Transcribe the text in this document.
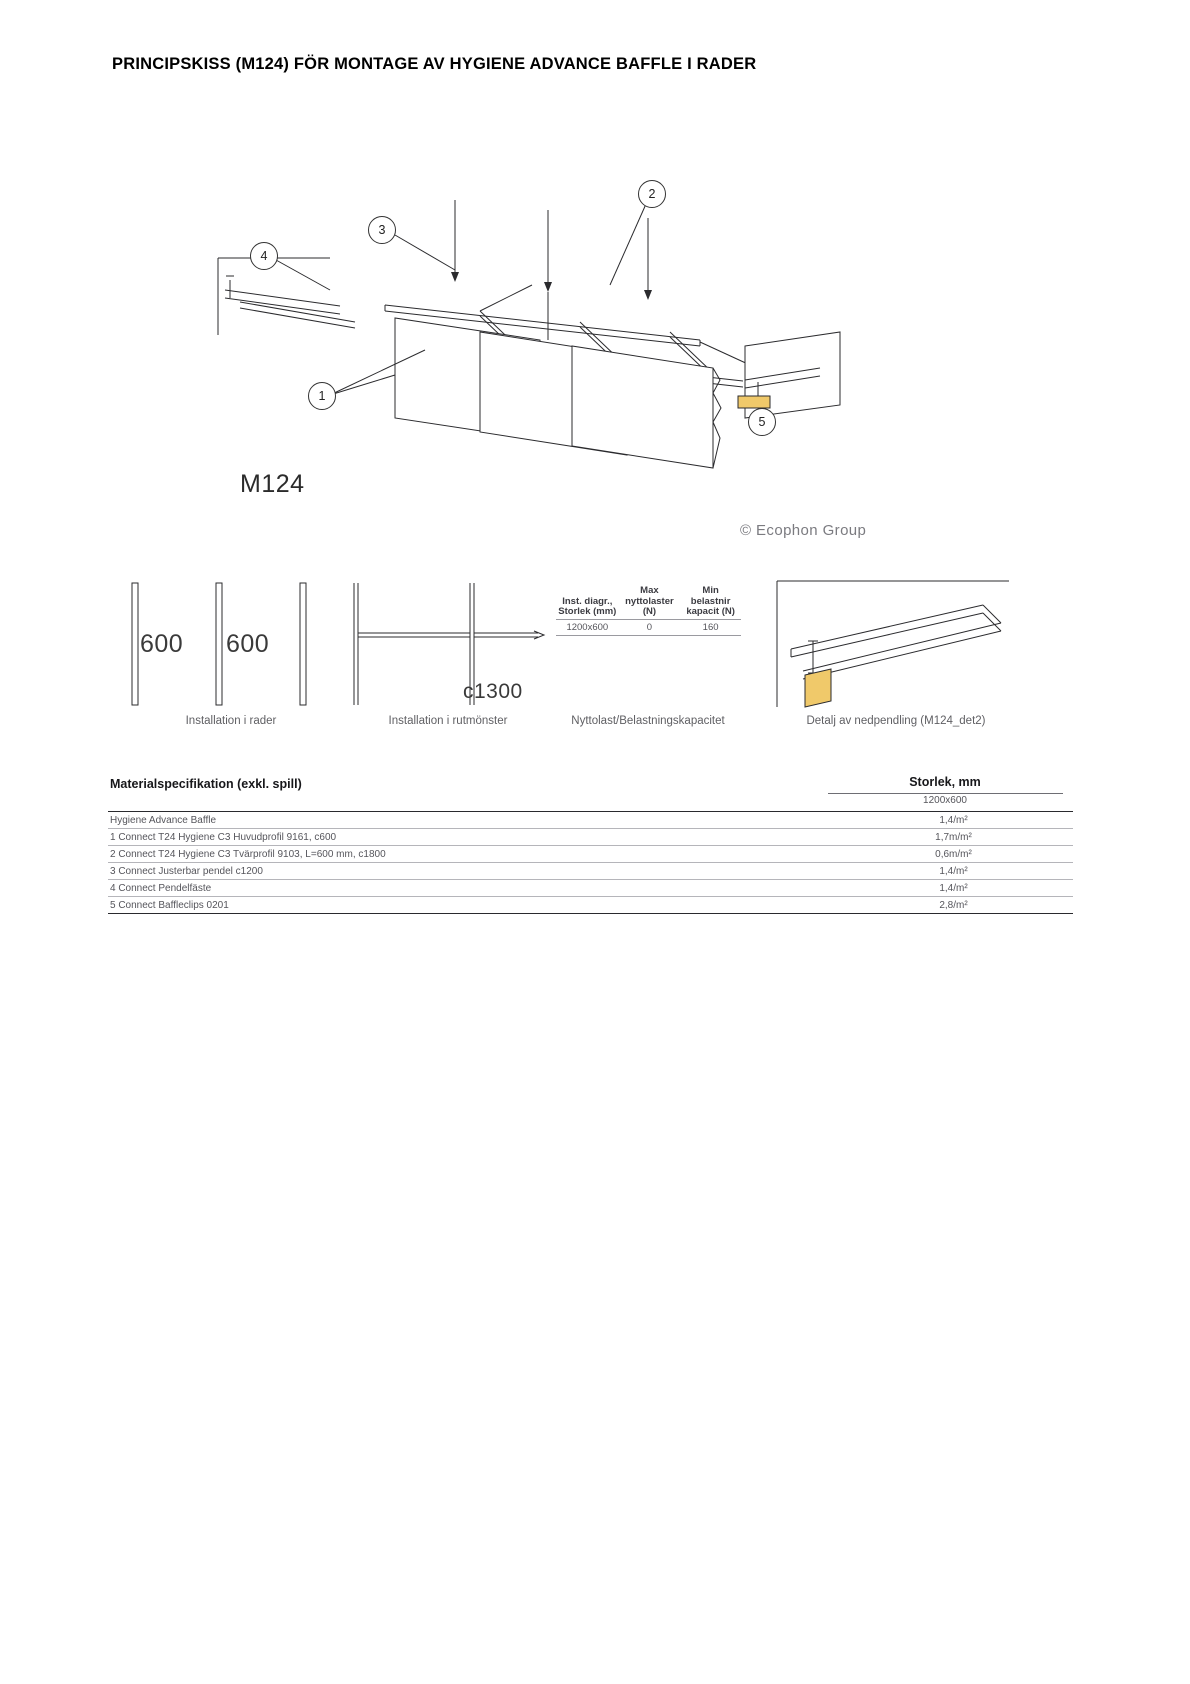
PRINCIPSKISS (M124) FÖR MONTAGE AV HYGIENE ADVANCE BAFFLE I RADER
1
2
3
4
5
M124
© Ecophon Group
600 600
Installation i rader
c1300
Installation i rutmönster
Inst. diagr., Storlek (mm)	Max nyttolaster (N)	Min belastnir kapacit (N)
1200x600	0	160
Nyttolast/Belastningskapacitet	Detalj av nedpendling (M124_det2)
Materialspecifikation (exkl. spill)	Storlek, mm
1200x600
Hygiene Advance Baffle	1,4/m²
1 Connect T24 Hygiene C3 Huvudprofil 9161, c600	1,7m/m²
2 Connect T24 Hygiene C3 Tvärprofil 9103, L=600 mm, c1800	0,6m/m²
3 Connect Justerbar pendel c1200	1,4/m²
4 Connect Pendelfäste	1,4/m²
5 Connect Baffleclips 0201	2,8/m²
